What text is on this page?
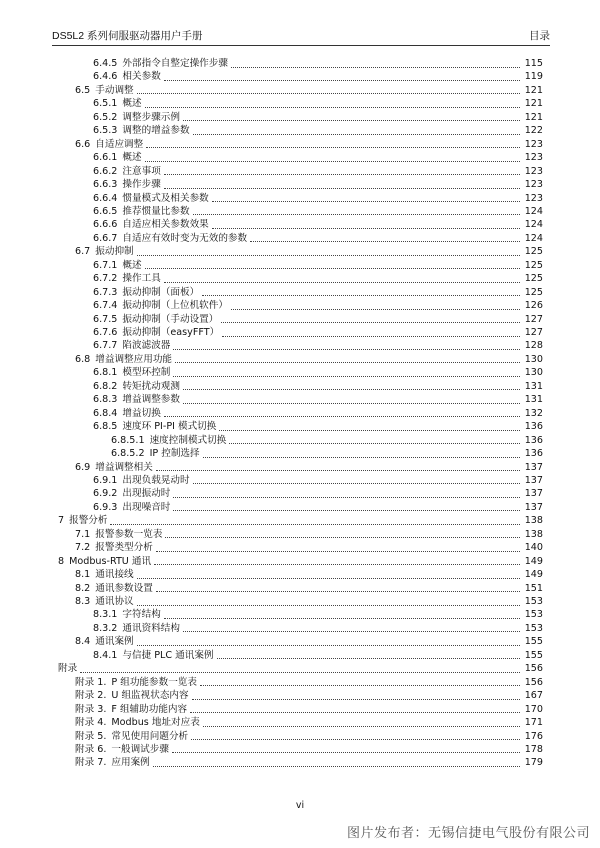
DS5L2 系列伺服驱动器用户手册	目录
6.4.5 外部指令自整定操作步骤	115
6.4.6 相关参数	119
6.5 手动调整	121
6.5.1 概述	121
6.5.2 调整步骤示例	121
6.5.3 调整的增益参数	122
6.6 自适应调整	123
6.6.1 概述	123
6.6.2 注意事项	123
6.6.3 操作步骤	123
6.6.4 惯量模式及相关参数	123
6.6.5 推荐惯量比参数	124
6.6.6 自适应相关参数效果	124
6.6.7 自适应有效时变为无效的参数	124
6.7 振动抑制	125
6.7.1 概述	125
6.7.2 操作工具	125
6.7.3 振动抑制（面板）	125
6.7.4 振动抑制（上位机软件）	126
6.7.5 振动抑制（手动设置）	127
6.7.6 振动抑制（easyFFT）	127
6.7.7 陷波滤波器	128
6.8 增益调整应用功能	130
6.8.1 模型环控制	130
6.8.2 转矩扰动观测	131
6.8.3 增益调整参数	131
6.8.4 增益切换	132
6.8.5 速度环 PI-PI 模式切换	136
6.8.5.1 速度控制模式切换	136
6.8.5.2 IP 控制选择	136
6.9 增益调整相关	137
6.9.1 出现负载晃动时	137
6.9.2 出现振动时	137
6.9.3 出现噪音时	137
7 报警分析	138
7.1 报警参数一览表	138
7.2 报警类型分析	140
8 Modbus-RTU 通讯	149
8.1 通讯接线	149
8.2 通讯参数设置	151
8.3 通讯协议	153
8.3.1 字符结构	153
8.3.2 通讯资料结构	153
8.4 通讯案例	155
8.4.1 与信捷 PLC 通讯案例	155
附录	156
附录 1. P 组功能参数一览表	156
附录 2. U 组监视状态内容	167
附录 3. F 组辅助功能内容	170
附录 4. Modbus 地址对应表	171
附录 5. 常见使用问题分析	176
附录 6. 一般调试步骤	178
附录 7. 应用案例	179
vi
图片发布者：无锡信捷电气股份有限公司
